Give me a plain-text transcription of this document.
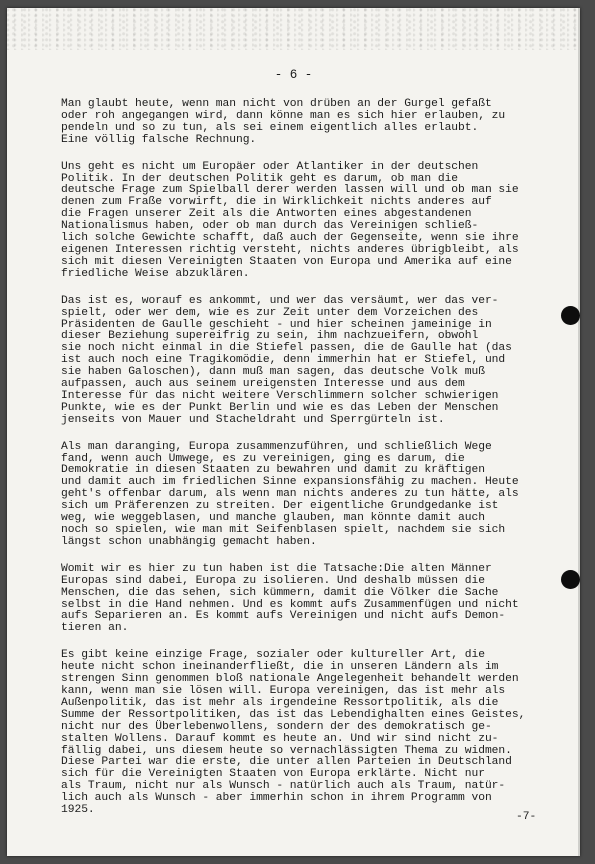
- 6 -
Man glaubt heute, wenn man nicht von drüben an der Gurgel gefaßt
oder roh angegangen wird, dann könne man es sich hier erlauben, zu
pendeln und so zu tun, als sei einem eigentlich alles erlaubt.
Eine völlig falsche Rechnung.
Uns geht es nicht um Europäer oder Atlantiker in der deutschen
Politik. In der deutschen Politik geht es darum, ob man die
deutsche Frage zum Spielball derer werden lassen will und ob man sie
denen zum Fraße vorwirft, die in Wirklichkeit nichts anderes auf
die Fragen unserer Zeit als die Antworten eines abgestandenen
Nationalismus haben, oder ob man durch das Vereinigen schließ-
lich solche Gewichte schafft, daß auch der Gegenseite, wenn sie ihre
eigenen Interessen richtig versteht, nichts anderes übrigbleibt, als
sich mit diesen Vereinigten Staaten von Europa und Amerika auf eine
friedliche Weise abzuklären.
Das ist es, worauf es ankommt, und wer das versäumt, wer das ver-
spielt, oder wer dem, wie es zur Zeit unter dem Vorzeichen des
Präsidenten de Gaulle geschieht - und hier scheinen jameinige in
dieser Beziehung supereifrig zu sein, ihm nachzueifern, obwohl
sie noch nicht einmal in die Stiefel passen, die de Gaulle hat (das
ist auch noch eine Tragikomödie, denn immerhin hat er Stiefel, und
sie haben Galoschen), dann muß man sagen, das deutsche Volk muß
aufpassen, auch aus seinem ureigensten Interesse und aus dem
Interesse für das nicht weitere Verschlimmern solcher schwierigen
Punkte, wie es der Punkt Berlin und wie es das Leben der Menschen
jenseits von Mauer und Stacheldraht und Sperrgürteln ist.
Als man daranging, Europa zusammenzuführen, und schließlich Wege
fand, wenn auch Umwege, es zu vereinigen, ging es darum, die
Demokratie in diesen Staaten zu bewahren und damit zu kräftigen
und damit auch im friedlichen Sinne expansionsfähig zu machen. Heute
geht's offenbar darum, als wenn man nichts anderes zu tun hätte, als
sich um Präferenzen zu streiten. Der eigentliche Grundgedanke ist
weg, wie weggeblasen, und manche glauben, man könnte damit auch
noch so spielen, wie man mit Seifenblasen spielt, nachdem sie sich
längst schon unabhängig gemacht haben.
Womit wir es hier zu tun haben ist die Tatsache:Die alten Männer
Europas sind dabei, Europa zu isolieren. Und deshalb müssen die
Menschen, die das sehen, sich kümmern, damit die Völker die Sache
selbst in die Hand nehmen. Und es kommt aufs Zusammenfügen und nicht
aufs Separieren an. Es kommt aufs Vereinigen und nicht aufs Demon-
tieren an.
Es gibt keine einzige Frage, sozialer oder kultureller Art, die
heute nicht schon ineinanderfließt, die in unseren Ländern als im
strengen Sinn genommen bloß nationale Angelegenheit behandelt werden
kann, wenn man sie lösen will. Europa vereinigen, das ist mehr als
Außenpolitik, das ist mehr als irgendeine Ressortpolitik, als die
Summe der Ressortpolitiken, das ist das Lebendighalten eines Geistes,
nicht nur des Überlebenwollens, sondern der des demokratisch ge-
stalten Wollens. Darauf kommt es heute an. Und wir sind nicht zu-
fällig dabei, uns diesem heute so vernachlässigten Thema zu widmen.
Diese Partei war die erste, die unter allen Parteien in Deutschland
sich für die Vereinigten Staaten von Europa erklärte. Nicht nur
als Traum, nicht nur als Wunsch - natürlich auch als Traum, natür-
lich auch als Wunsch - aber immerhin schon in ihrem Programm von
1925.
-7-
